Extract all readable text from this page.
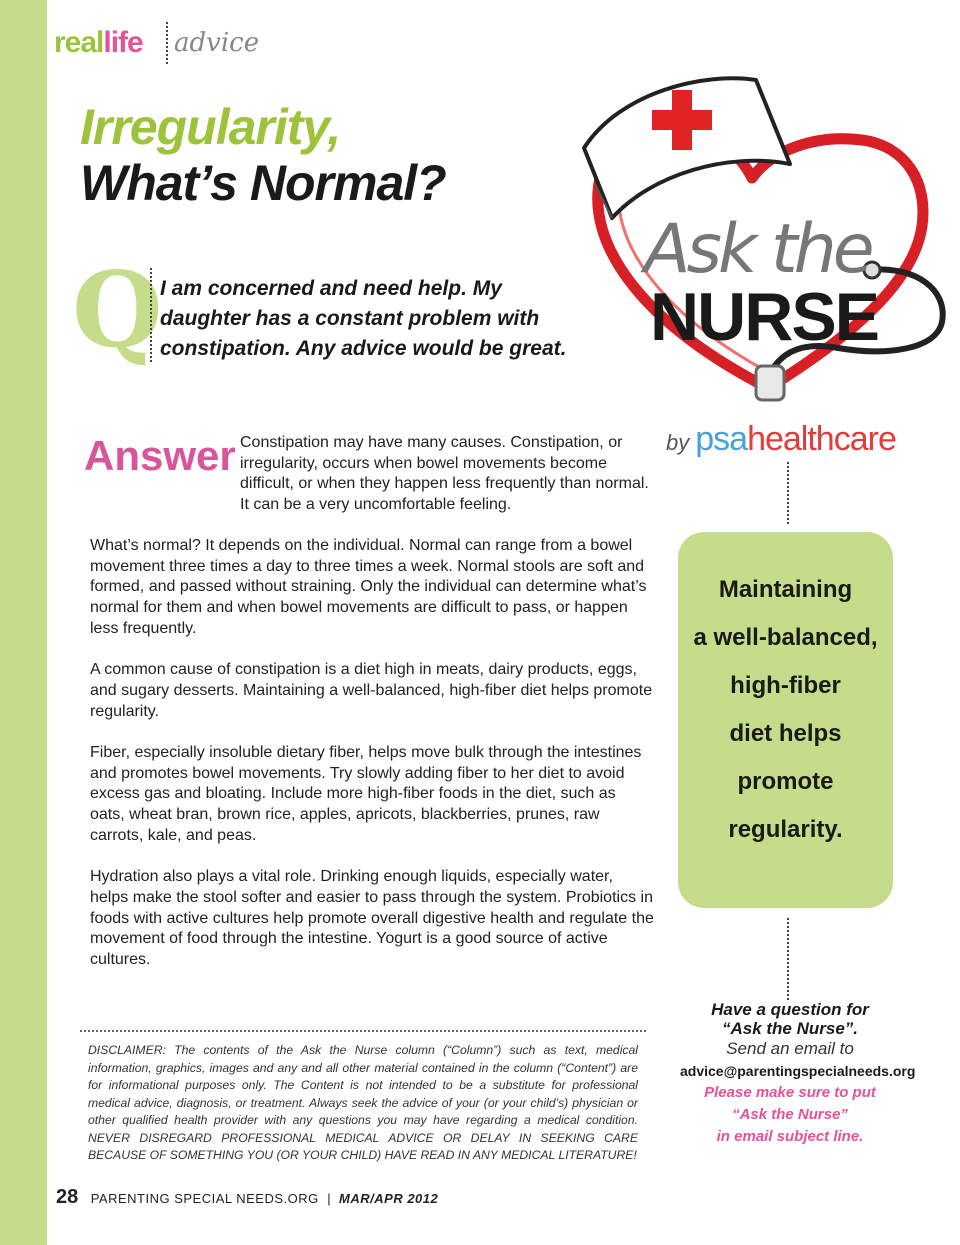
reallife advice
Irregularity,
What’s Normal?
Q
I am concerned and need help. My daughter has a constant problem with constipation. Any advice would be great.
Answer Constipation may have many causes. Constipation, or irregularity, occurs when bowel movements become difficult, or when they happen less frequently than normal. It can be a very uncomfortable feeling.

What’s normal? It depends on the individual. Normal can range from a bowel movement three times a day to three times a week. Normal stools are soft and formed, and passed without straining. Only the individual can determine what’s normal for them and when bowel movements are difficult to pass, or happen less frequently.

A common cause of constipation is a diet high in meats, dairy products, eggs, and sugary desserts. Maintaining a well-balanced, high-fiber diet helps promote regularity.

Fiber, especially insoluble dietary fiber, helps move bulk through the intestines and promotes bowel movements. Try slowly adding fiber to her diet to avoid excess gas and bloating. Include more high-fiber foods in the diet, such as oats, wheat bran, brown rice, apples, apricots, blackberries, prunes, raw carrots, kale, and peas.

Hydration also plays a vital role. Drinking enough liquids, especially water, helps make the stool softer and easier to pass through the system. Probiotics in foods with active cultures help promote overall digestive health and regulate the movement of food through the intestine. Yogurt is a good source of active cultures.

DISCLAIMER: The contents of the Ask the Nurse column (“Column”) such as text, medical information, graphics, images and any and all other material contained in the column (“Content”) are for informational purposes only. The Content is not intended to be a substitute for professional medical advice, diagnosis, or treatment. Always seek the advice of your (or your child’s) physician or other qualified health provider with any questions you may have regarding a medical condition. NEVER DISREGARD PROFESSIONAL MEDICAL ADVICE OR DELAY IN SEEKING CARE BECAUSE OF SOMETHING YOU (OR YOUR CHILD) HAVE READ IN ANY MEDICAL LITERATURE!
28 PARENTING SPECIAL NEEDS.ORG | MAR/APR 2012
Ask the
NURSE
by psahealthcare
Maintaining
a well-balanced,
high-fiber
diet helps
promote
regularity.
Have a question for
“Ask the Nurse”.
Send an email to
advice@parentingspecialneeds.org
Please make sure to put
“Ask the Nurse”
in email subject line.
